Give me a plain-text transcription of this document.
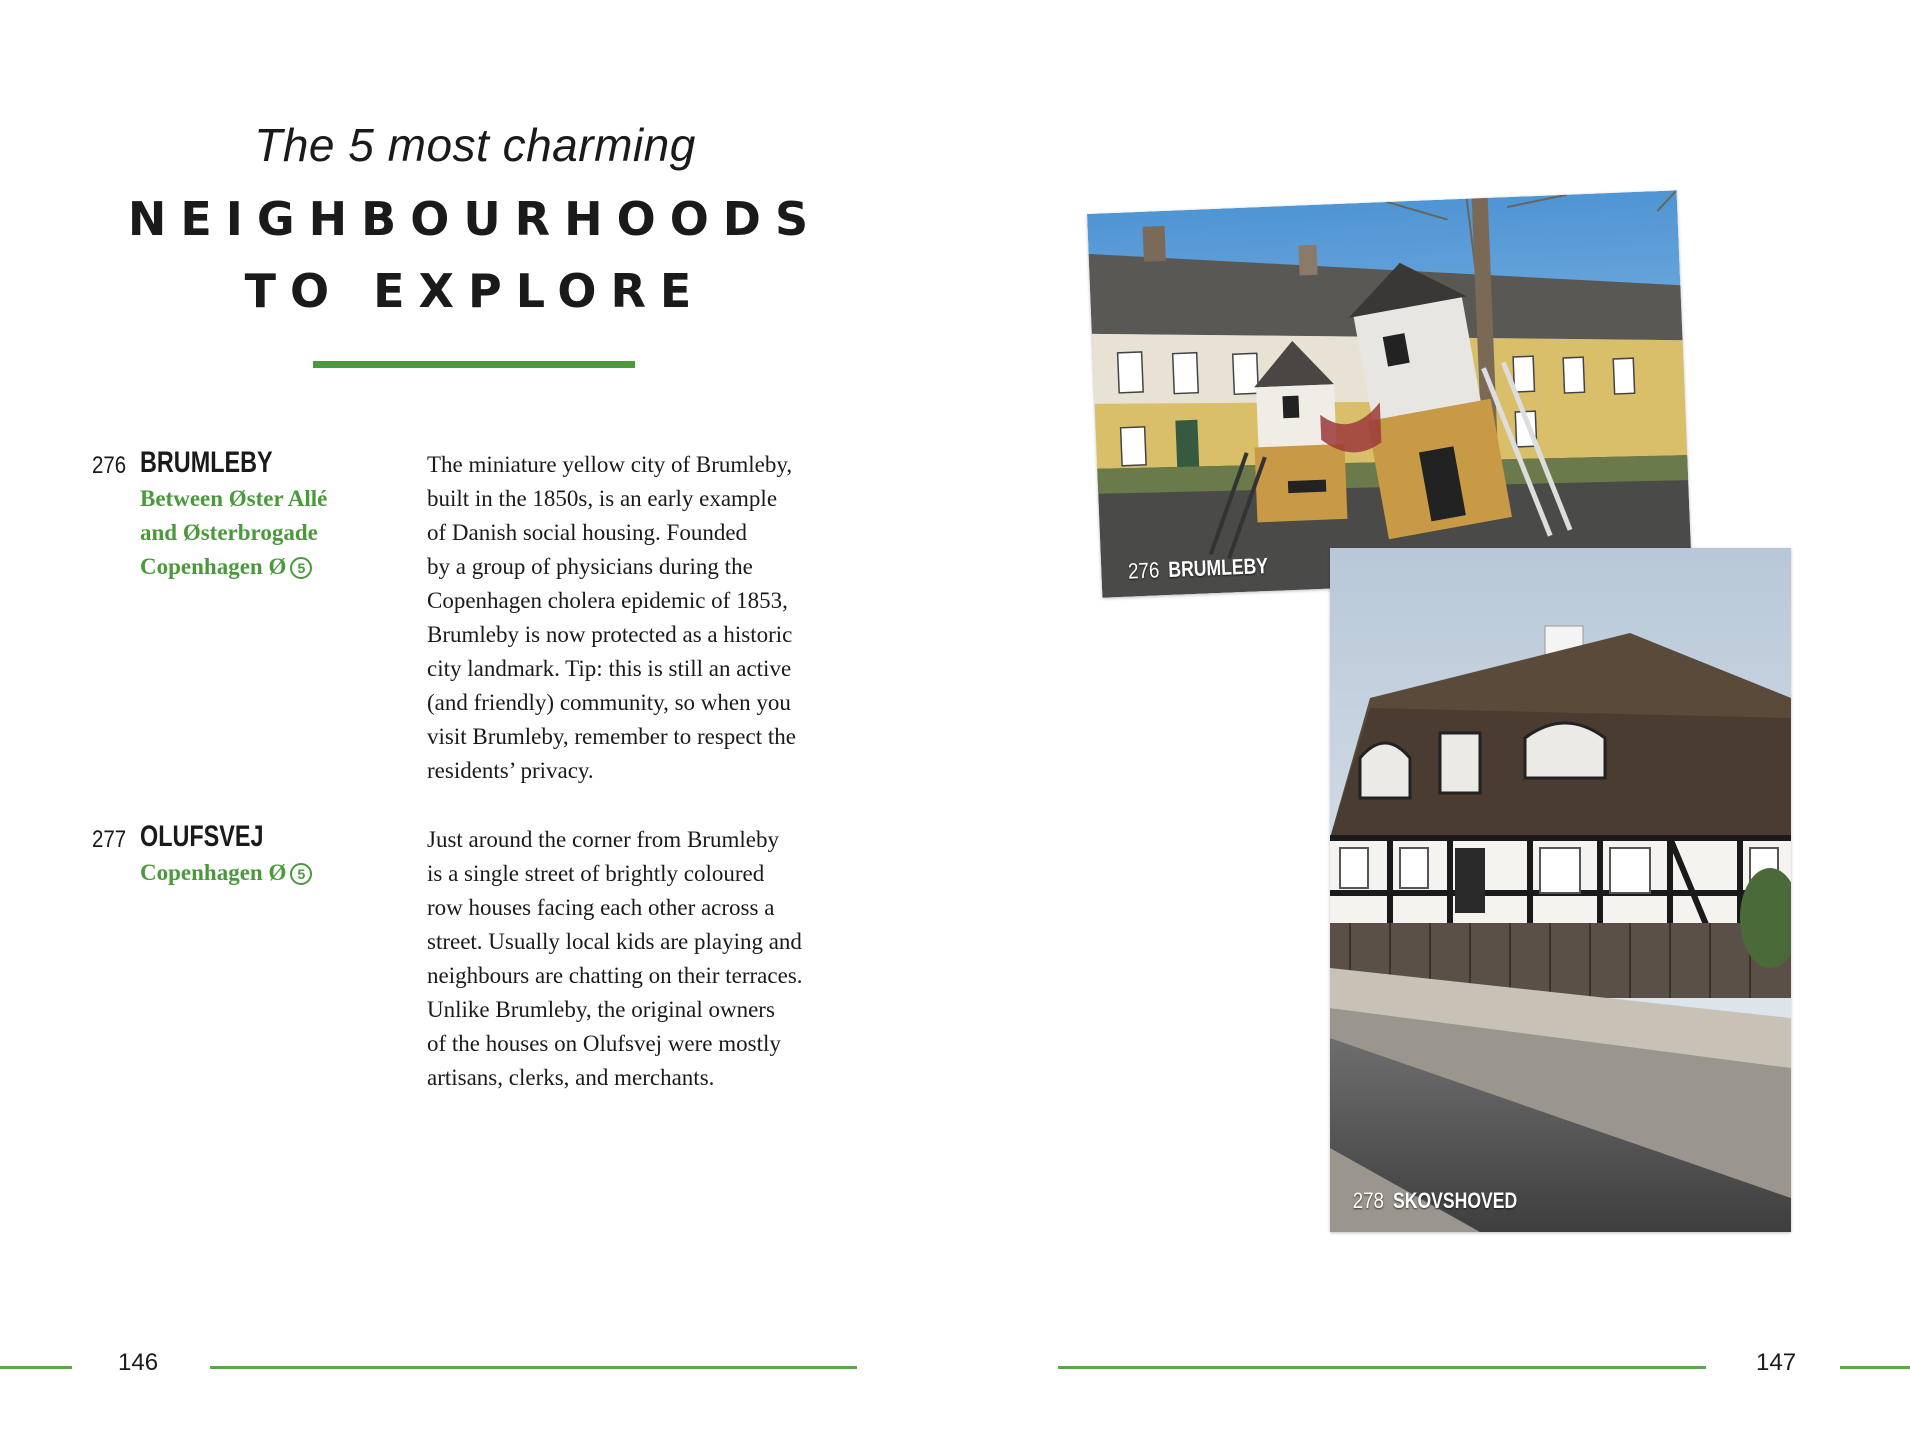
The 5 most charming
NEIGHBOURHOODS
TO EXPLORE
276 BRUMLEBY
Between Øster Allé
and Østerbrogade
Copenhagen Ø 5
The miniature yellow city of Brumleby,
built in the 1850s, is an early example
of Danish social housing. Founded
by a group of physicians during the
Copenhagen cholera epidemic of 1853,
Brumleby is now protected as a historic
city landmark. Tip: this is still an active
(and friendly) community, so when you
visit Brumleby, remember to respect the
residents’ privacy.
277 OLUFSVEJ
Copenhagen Ø 5
Just around the corner from Brumleby
is a single street of brightly coloured
row houses facing each other across a
street. Usually local kids are playing and
neighbours are chatting on their terraces.
Unlike Brumleby, the original owners
of the houses on Olufsvej were mostly
artisans, clerks, and merchants.
276 BRUMLEBY
278 SKOVSHOVED
146	147
